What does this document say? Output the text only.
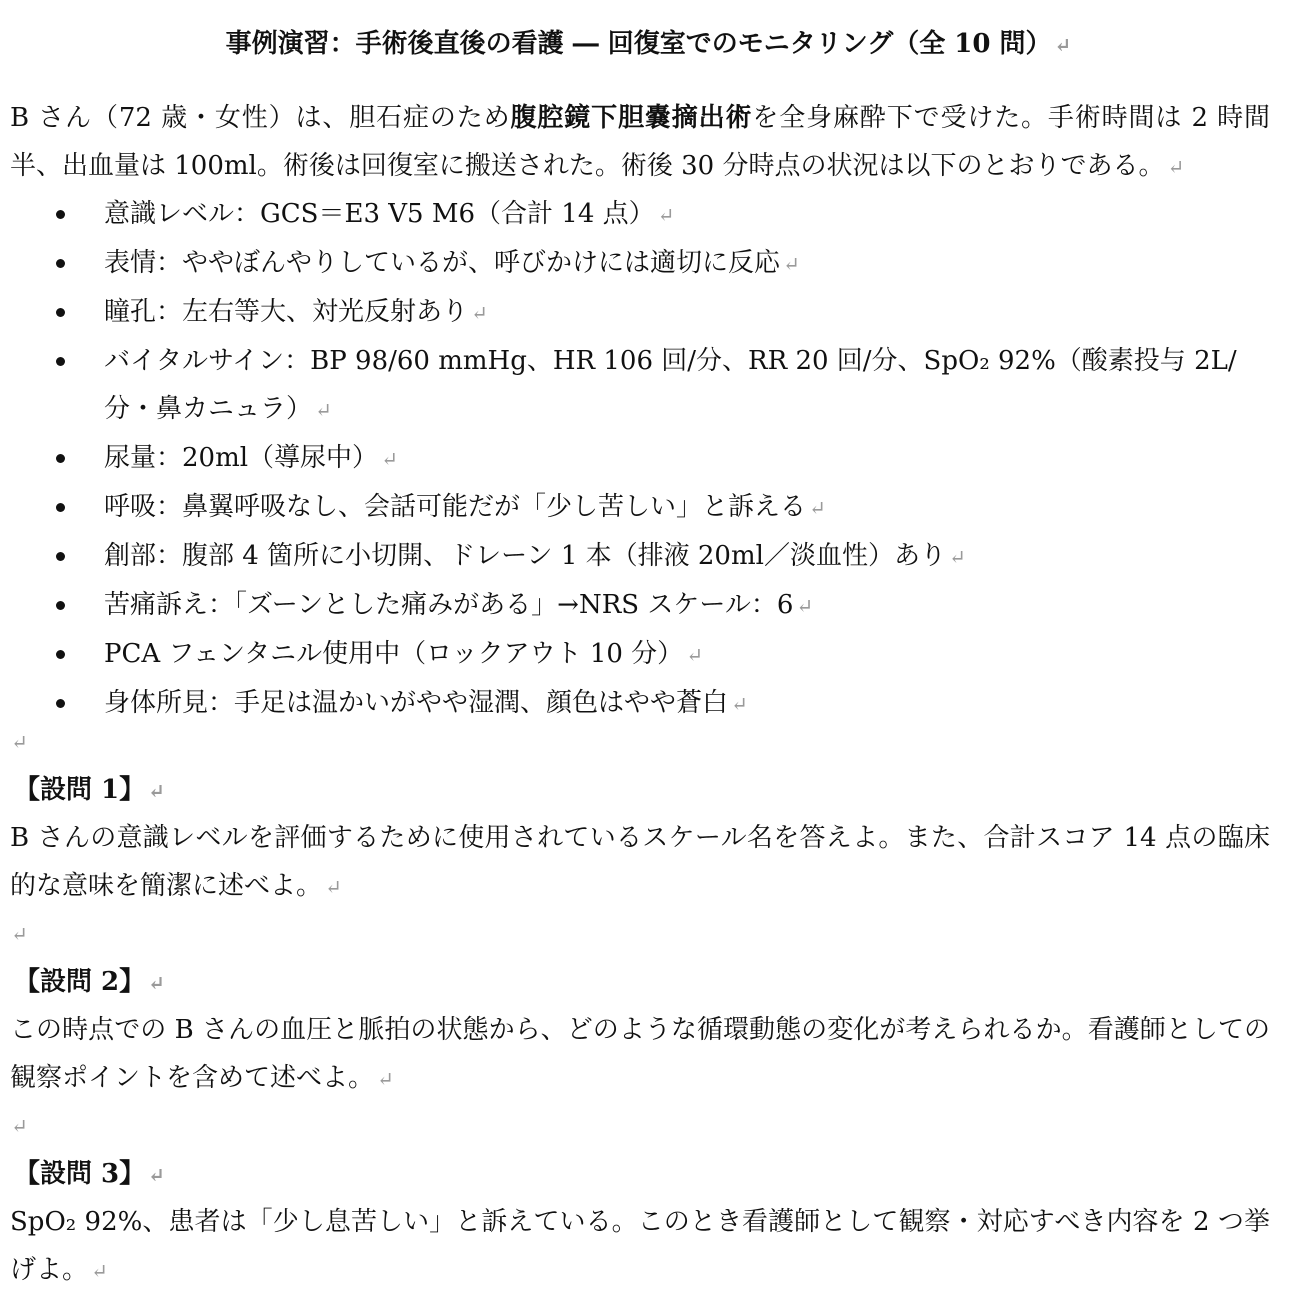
事例演習：手術後直後の看護 ― 回復室でのモニタリング（全 10 問） ↵
B さん（72 歳・女性）は、胆石症のため腹腔鏡下胆嚢摘出術を全身麻酔下で受けた。手術時間は 2 時間半、出血量は 100ml。術後は回復室に搬送された。術後 30 分時点の状況は以下のとおりである。 ↵
意識レベル：GCS＝E3 V5 M6（合計 14 点） ↵
表情：ややぼんやりしているが、呼びかけには適切に反応 ↵
瞳孔：左右等大、対光反射あり ↵
バイタルサイン：BP 98/60 mmHg、HR 106 回/分、RR 20 回/分、SpO₂ 92%（酸素投与 2L/分・鼻カニュラ） ↵
尿量：20ml（導尿中） ↵
呼吸：鼻翼呼吸なし、会話可能だが「少し苦しい」と訴える ↵
創部：腹部 4 箇所に小切開、ドレーン 1 本（排液 20ml／淡血性）あり ↵
苦痛訴え：「ズーンとした痛みがある」→NRS スケール：6 ↵
PCA フェンタニル使用中（ロックアウト 10 分） ↵
身体所見：手足は温かいがやや湿潤、顔色はやや蒼白 ↵
↵
【設問 1】 ↵
B さんの意識レベルを評価するために使用されているスケール名を答えよ。また、合計スコア 14 点の臨床的な意味を簡潔に述べよ。 ↵
↵
【設問 2】 ↵
この時点での B さんの血圧と脈拍の状態から、どのような循環動態の変化が考えられるか。看護師としての観察ポイントを含めて述べよ。 ↵
↵
【設問 3】 ↵
SpO₂ 92%、患者は「少し息苦しい」と訴えている。このとき看護師として観察・対応すべき内容を 2 つ挙げよ。 ↵
